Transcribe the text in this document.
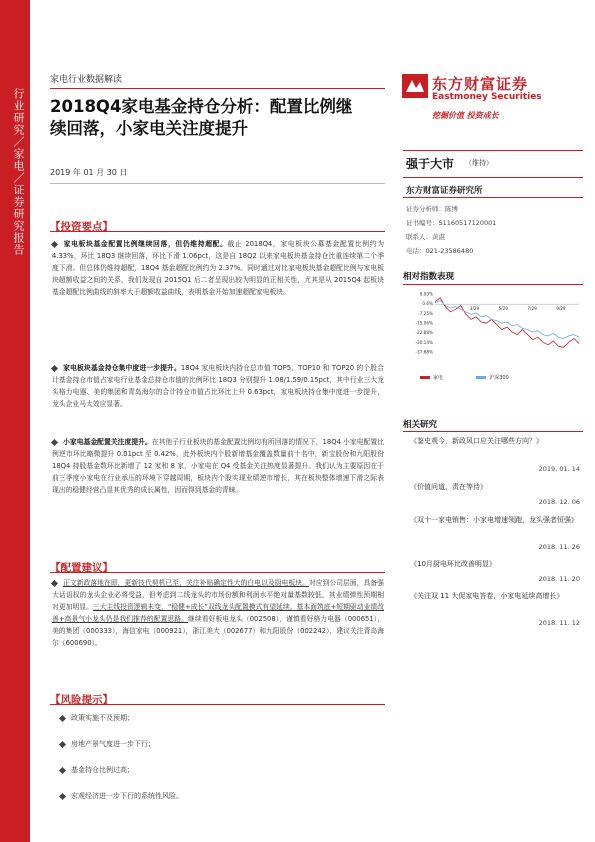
行业研究／家电／证券研究报告
家电行业数据解读
2018Q4家电基金持仓分析：配置比例继
续回落，小家电关注度提升
2019 年 01 月 30 日
东方财富证券
Eastmoney Securities
挖掘价值 投资成长
强于大市 （维持）
东方财富证券研究所
证券分析师：陈博
证书编号：S1160517120001
联系人：黄湛
电话：021-23586480
相对指数表现
8.03%
0.6%
-7.25%
-15.06%
-22.88%
-30.14%
-37.68%
3/29	5/29	7/29	9/29
家电	沪深300
相关研究
《鉴史观今，新政风口应关注哪些方向？》
2019. 01. 14
《价值问道，责在等待》
2018. 12. 06
《双十一家电销售：小家电增速领跑，龙头强者恒强》
2018. 11. 26
《10月厨电环比改善明显》
2018. 11. 20
《关注双 11 大促家电答卷，小家电延续高增长》
2018. 11. 12
【投资要点】
家电板块基金配置比例继续回落，但仍维持超配。截止 2018Q4，家电板块公募基金配置比例约为 4.33%，环比 18Q3 继续回落，环比下滑 1.06pct，这是自 18Q2 以来家电板块基金持仓比重连续第二个季度下滑。但总体仍维持超配，18Q4 基金超配比例约为 2.37%。同时通过对比家电板块基金超配比例与家电板块超额收益之间的关系，我们发现自 2015Q1 后二者呈现出较为明显的正相关性，尤其是从 2015Q4 起板块基金超配比例曲线的斜率大于超额收益曲线，表明基金开始加速超配家电板块。
家电板块基金持仓集中度进一步提升。18Q4 家电板块内持仓总市值 TOP5、TOP10 和 TOP20 的个股合计基金持仓市值占家电行业基金总持仓市值的比例环比 18Q3 分别提升 1.08/1.59/0.15pct，其中行业三大龙头格力电器、美的集团和青岛海尔的合计持仓市值占比环比上升 0.63pct，家电板块持仓集中度进一步提升，龙头企业马太效应显著。
小家电基金配置关注度提升。在其他子行业板块的基金配置比例均有所回落的情况下，18Q4 小家电配置比例逆市环比略微提升 0.01pct 至 0.42%，此外板块内个股新增基金覆盖数量前十名中，新宝股份和九阳股份 18Q4 持股基金数环比新增了 12 家和 8 家，小家电在 Q4 受基金关注热度显著提升。我们认为主要原因在于前三季度小家电在行业承压的环境下穿越周期，板块内个股实现业绩逆市增长，其在板块整体增速下滑之际表现出的稳健经营凸显其优秀的成长属性，因而得到基金的青睐。
【配置建议】
正文新政落地在即，更新技代契机已至，关注补贴确定性大的白电以及厨电板块。对应到公司层面，具备强大话语权的龙头企业必将受益，但考虑到二线龙头的市场份额和利润水平绝对量基数较低，其业绩弹性预期相对更加明显。三大主线投资逻辑未变，“稳健+成长”双线龙头配置模式有望延续。基本面筑底+短期驱动业绩改善+高景气小龙头仍是我们推荐的配置思路。继续看好板电龙头（002508），谨慎看好格力电器（000651），美的集团（000333），海信家电（000921），浙江美大（002677）和九阳股份（002242），建议关注青岛海尔（600690）。
【风险提示】
政策实施不及预期；
房地产景气度进一步下行；
基金持仓比例过高；
宏观经济进一步下行的系统性风险。
